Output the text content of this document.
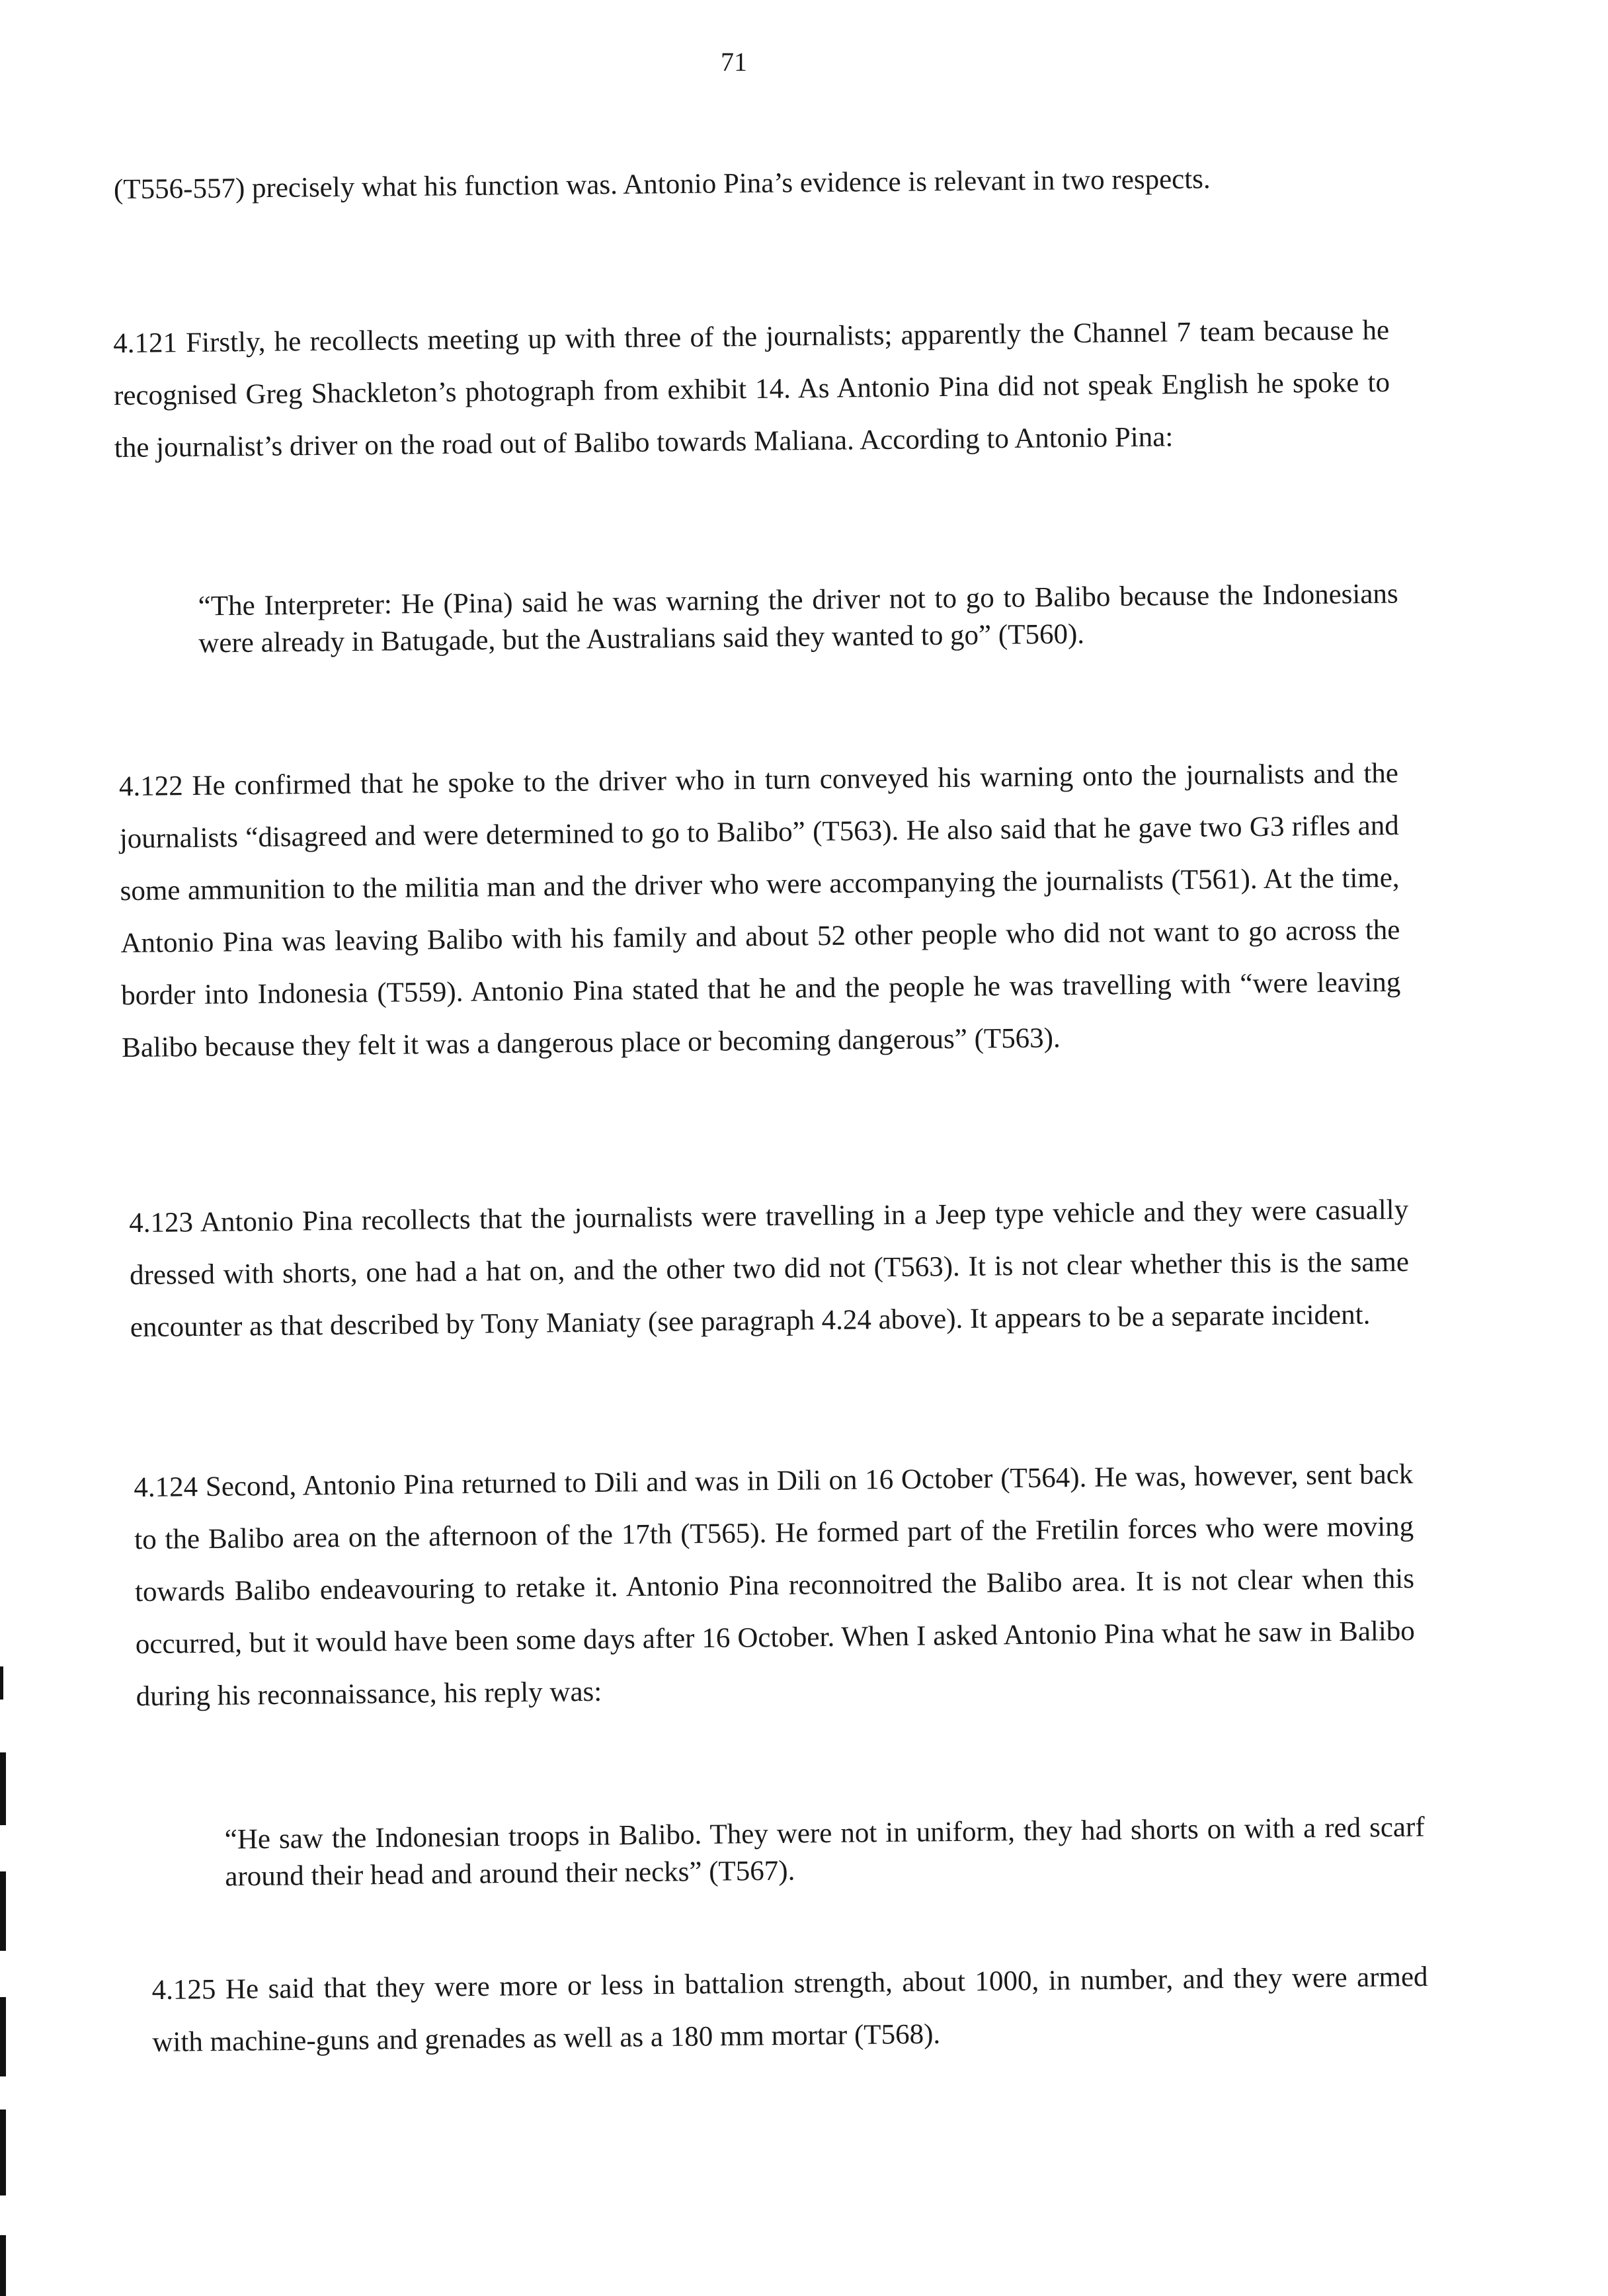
71

(T556-557) precisely what his function was. Antonio Pina’s evidence is relevant in two respects.

4.121 Firstly, he recollects meeting up with three of the journalists; apparently the Channel 7 team because he recognised Greg Shackleton’s photograph from exhibit 14. As Antonio Pina did not speak English he spoke to the journalist’s driver on the road out of Balibo towards Maliana. According to Antonio Pina:

“The Interpreter: He (Pina) said he was warning the driver not to go to Balibo because the Indonesians were already in Batugade, but the Australians said they wanted to go” (T560).

4.122 He confirmed that he spoke to the driver who in turn conveyed his warning onto the journalists and the journalists “disagreed and were determined to go to Balibo” (T563). He also said that he gave two G3 rifles and some ammunition to the militia man and the driver who were accompanying the journalists (T561). At the time, Antonio Pina was leaving Balibo with his family and about 52 other people who did not want to go across the border into Indonesia (T559). Antonio Pina stated that he and the people he was travelling with “were leaving Balibo because they felt it was a dangerous place or becoming dangerous” (T563).

4.123 Antonio Pina recollects that the journalists were travelling in a Jeep type vehicle and they were casually dressed with shorts, one had a hat on, and the other two did not (T563). It is not clear whether this is the same encounter as that described by Tony Maniaty (see paragraph 4.24 above). It appears to be a separate incident.

4.124 Second, Antonio Pina returned to Dili and was in Dili on 16 October (T564). He was, however, sent back to the Balibo area on the afternoon of the 17th (T565). He formed part of the Fretilin forces who were moving towards Balibo endeavouring to retake it. Antonio Pina reconnoitred the Balibo area. It is not clear when this occurred, but it would have been some days after 16 October. When I asked Antonio Pina what he saw in Balibo during his reconnaissance, his reply was:

“He saw the Indonesian troops in Balibo. They were not in uniform, they had shorts on with a red scarf around their head and around their necks” (T567).

4.125 He said that they were more or less in battalion strength, about 1000, in number, and they were armed with machine-guns and grenades as well as a 180 mm mortar (T568).
